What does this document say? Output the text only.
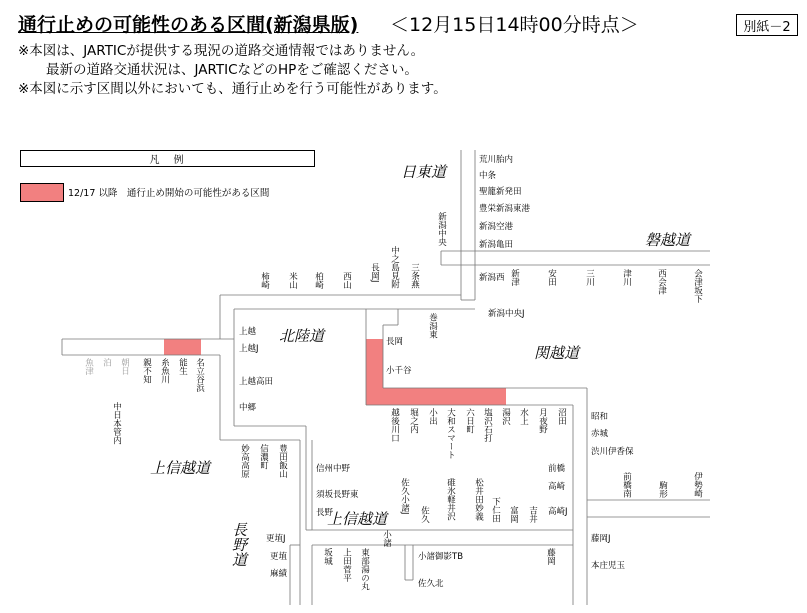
通行止めの可能性のある区間(新潟県版) ＜12月15日14時00分時点＞	別紙－2
※本図は、JARTICが提供する現況の道路交通情報ではありません。
最新の道路交通状況は、JARTICなどのHPをご確認ください。
※本図に示す区間以外においても、通行止めを行う可能性があります。
凡　例
12/17 以降　通行止め開始の可能性がある区間
日東道
磐越道
北陸道
関越道
上信越道
上信越道
長野道
荒川胎内
中条
聖籠新発田
豊栄新潟東港
新潟空港
新潟亀田
新潟中央
新潟西
新潟中央J
新津	安田	三川	津川	西会津	会津坂下
巻潟東
三条燕
中之島見附
長岡J
西山
柏崎
米山
柿崎
上越
上越J
名立谷浜
能生
糸魚川
親不知
朝日
泊
魚津
中日本管内
長岡
小千谷
越後川口 堀之内 小出 大和スマート 六日町 塩沢石打 湯沢 水上 月夜野 沼田	昭和
赤城
渋川伊香保
前橋
高崎
高崎J
藤岡J
本庄児玉
前橋南	駒形	伊勢崎
上越高田
中郷
妙高高原 信濃町 豊田飯山	信州中野
須坂長野東
長野
更埴J
更埴
麻績
坂城 上田菅平 東部湯の丸
小諸
佐久小諸J 佐久 碓氷軽井沢 松井田妙義 下仁田 富岡 吉井
藤岡
小諸御影TB
佐久北
